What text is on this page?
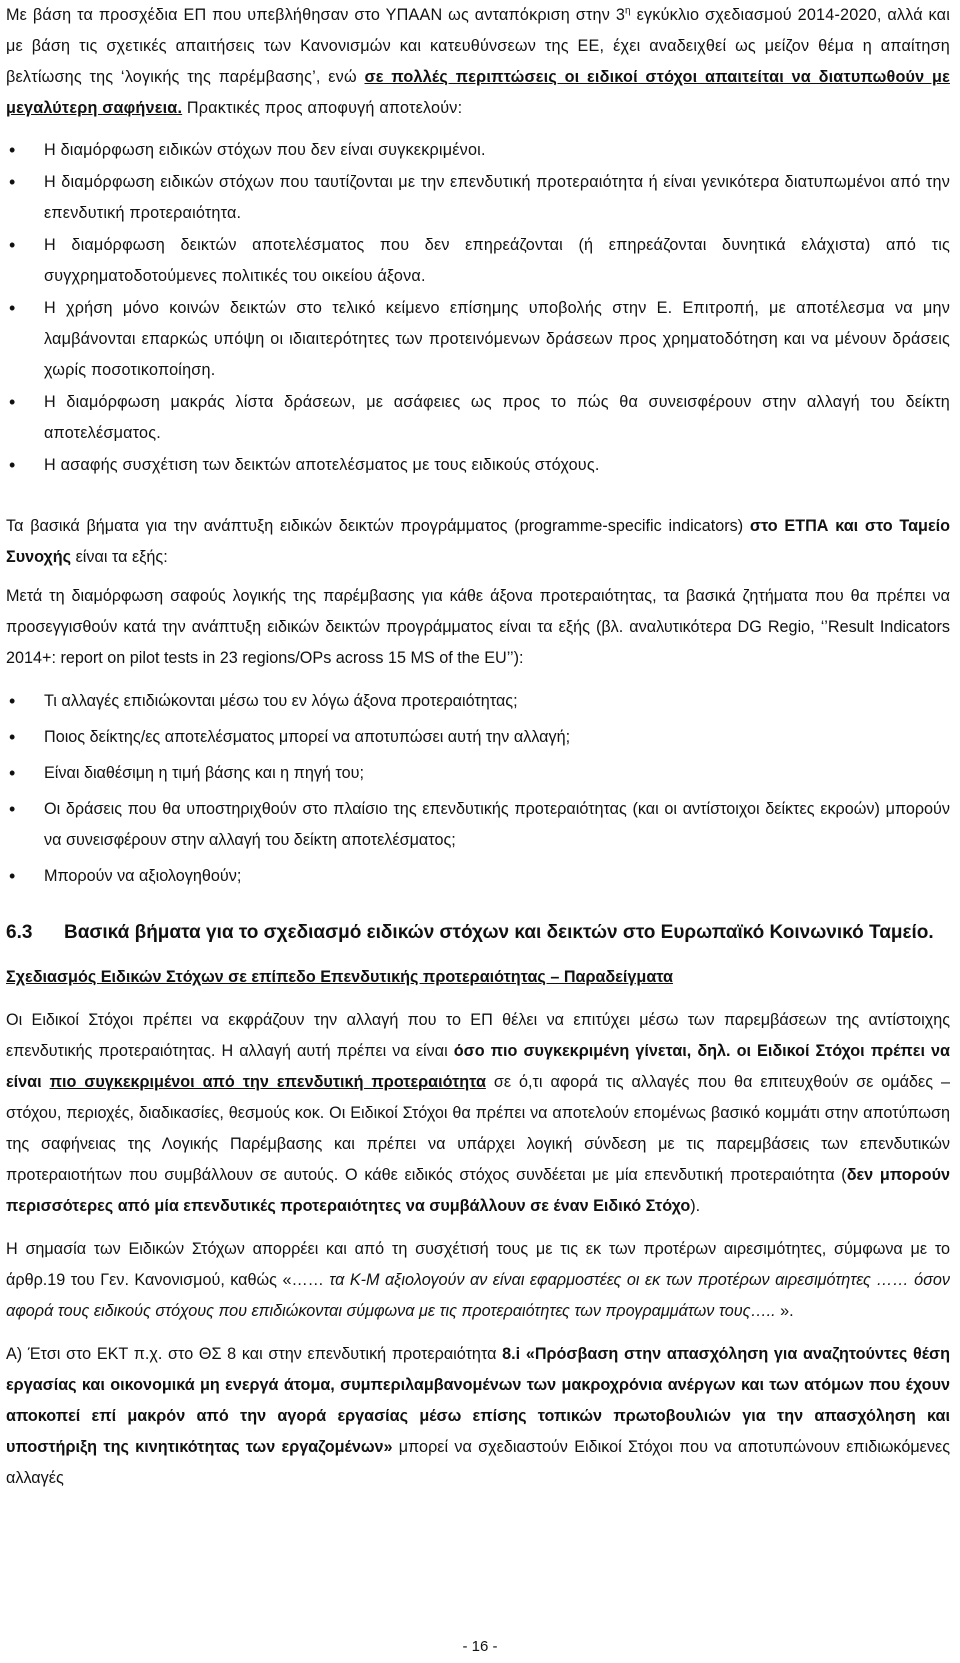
Με βάση τα προσχέδια ΕΠ που υπεβλήθησαν στο ΥΠΑΑΝ ως ανταπόκριση στην $3^\eta$ εγκύκλιο σχεδιασμού 2014-2020, αλλά και με βάση τις σχετικές απαιτήσεις των Κανονισμών και κατευθύνσεων της ΕΕ, έχει αναδειχθεί ως μείζον θέμα η απαίτηση βελτίωσης της ‘λογικής της παρέμβασης’, ενώ σε πολλές περιπτώσεις οι ειδικοί στόχοι απαιτείται να διατυπωθούν με μεγαλύτερη σαφήνεια. Πρακτικές προς αποφυγή αποτελούν:

• Η διαμόρφωση ειδικών στόχων που δεν είναι συγκεκριμένοι.
• Η διαμόρφωση ειδικών στόχων που ταυτίζονται με την επενδυτική προτεραιότητα ή είναι γενικότερα διατυπωμένοι από την επενδυτική προτεραιότητα.
• Η διαμόρφωση δεικτών αποτελέσματος που δεν επηρεάζονται (ή επηρεάζονται δυνητικά ελάχιστα) από τις συγχρηματοδοτούμενες πολιτικές του οικείου άξονα.
• Η χρήση μόνο κοινών δεικτών στο τελικό κείμενο επίσημης υποβολής στην Ε. Επιτροπή, με αποτέλεσμα να μην λαμβάνονται επαρκώς υπόψη οι ιδιαιτερότητες των προτεινόμενων δράσεων προς χρηματοδότηση και να μένουν δράσεις χωρίς ποσοτικοποίηση.
• Η διαμόρφωση μακράς λίστα δράσεων, με ασάφειες ως προς το πώς θα συνεισφέρουν στην αλλαγή του δείκτη αποτελέσματος.
• Η ασαφής συσχέτιση των δεικτών αποτελέσματος με τους ειδικούς στόχους.

Τα βασικά βήματα για την ανάπτυξη ειδικών δεικτών προγράμματος (programme-specific indicators) στο ΕΤΠΑ και στο Ταμείο Συνοχής είναι τα εξής:

Μετά τη διαμόρφωση σαφούς λογικής της παρέμβασης για κάθε άξονα προτεραιότητας, τα βασικά ζητήματα που θα πρέπει να προσεγγισθούν κατά την ανάπτυξη ειδικών δεικτών προγράμματος είναι τα εξής (βλ. αναλυτικότερα DG Regio, ‘’Result Indicators 2014+: report on pilot tests in 23 regions/OPs across 15 MS of the EU’’):

• Τι αλλαγές επιδιώκονται μέσω του εν λόγω άξονα προτεραιότητας;
• Ποιος δείκτης/ες αποτελέσματος μπορεί να αποτυπώσει αυτή την αλλαγή;
• Είναι διαθέσιμη η τιμή βάσης και η πηγή του;
• Οι δράσεις που θα υποστηριχθούν στο πλαίσιο της επενδυτικής προτεραιότητας (και οι αντίστοιχοι δείκτες εκροών) μπορούν να συνεισφέρουν στην αλλαγή του δείκτη αποτελέσματος;
• Μπορούν να αξιολογηθούν;
6.3	Βασικά βήματα για το σχεδιασμό ειδικών στόχων και δεικτών στο Ευρωπαϊκό Κοινωνικό Ταμείο.

Σχεδιασμός Ειδικών Στόχων σε επίπεδο Επενδυτικής προτεραιότητας – Παραδείγματα

Οι Ειδικοί Στόχοι πρέπει να εκφράζουν την αλλαγή που το ΕΠ θέλει να επιτύχει μέσω των παρεμβάσεων της αντίστοιχης επενδυτικής προτεραιότητας. Η αλλαγή αυτή πρέπει να είναι όσο πιο συγκεκριμένη γίνεται, δηλ. οι Ειδικοί Στόχοι πρέπει να είναι πιο συγκεκριμένοι από την επενδυτική προτεραιότητα σε ό,τι αφορά τις αλλαγές που θα επιτευχθούν σε ομάδες – στόχου, περιοχές, διαδικασίες, θεσμούς κοκ. Οι Ειδικοί Στόχοι θα πρέπει να αποτελούν επομένως βασικό κομμάτι στην αποτύπωση της σαφήνειας της Λογικής Παρέμβασης και πρέπει να υπάρχει λογική σύνδεση με τις παρεμβάσεις των επενδυτικών προτεραιοτήτων που συμβάλλουν σε αυτούς. Ο κάθε ειδικός στόχος συνδέεται με μία επενδυτική προτεραιότητα (δεν μπορούν περισσότερες από μία επενδυτικές προτεραιότητες να συμβάλλουν σε έναν Ειδικό Στόχο).

Η σημασία των Ειδικών Στόχων απορρέει και από τη συσχέτισή τους με τις εκ των προτέρων αιρεσιμότητες, σύμφωνα με το άρθρ.19 του Γεν. Κανονισμού, καθώς «…… τα Κ-Μ αξιολογούν αν είναι εφαρμοστέες οι εκ των προτέρων αιρεσιμότητες …… όσον αφορά τους ειδικούς στόχους που επιδιώκονται σύμφωνα με τις προτεραιότητες των προγραμμάτων τους….. ».

Α) Έτσι στο ΕΚΤ π.χ. στο ΘΣ 8 και στην επενδυτική προτεραιότητα 8.i «Πρόσβαση στην απασχόληση για αναζητούντες θέση εργασίας και οικονομικά μη ενεργά άτομα, συμπεριλαμβανομένων των μακροχρόνια ανέργων και των ατόμων που έχουν αποκοπεί επί μακρόν από την αγορά εργασίας μέσω επίσης τοπικών πρωτοβουλιών για την απασχόληση και υποστήριξη της κινητικότητας των εργαζομένων» μπορεί να σχεδιαστούν Ειδικοί Στόχοι που να αποτυπώνουν επιδιωκόμενες αλλαγές

- 16 -
